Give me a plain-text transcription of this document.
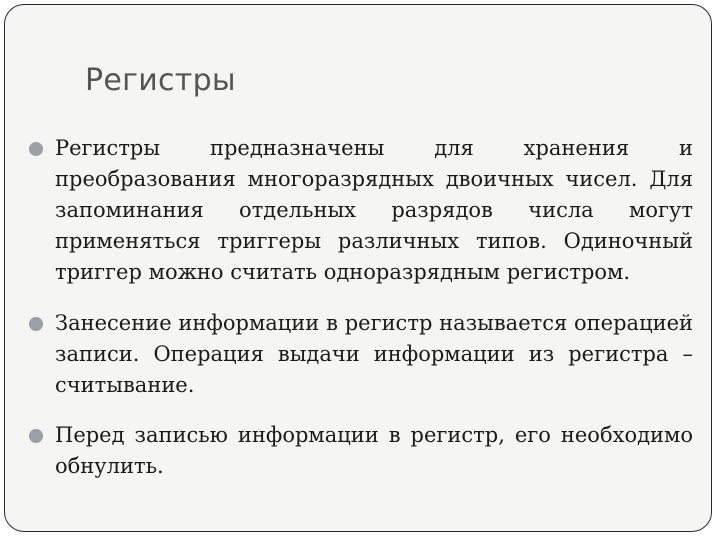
Регистры
Регистры предназначены для хранения и преобразования многоразрядных двоичных чисел. Для запоминания отдельных разрядов числа могут применяться триггеры различных типов. Одиночный триггер можно считать одноразрядным регистром.
Занесение информации в регистр называется операцией записи. Операция выдачи информации из регистра – считывание.
Перед записью информации в регистр, его необходимо обнулить.
